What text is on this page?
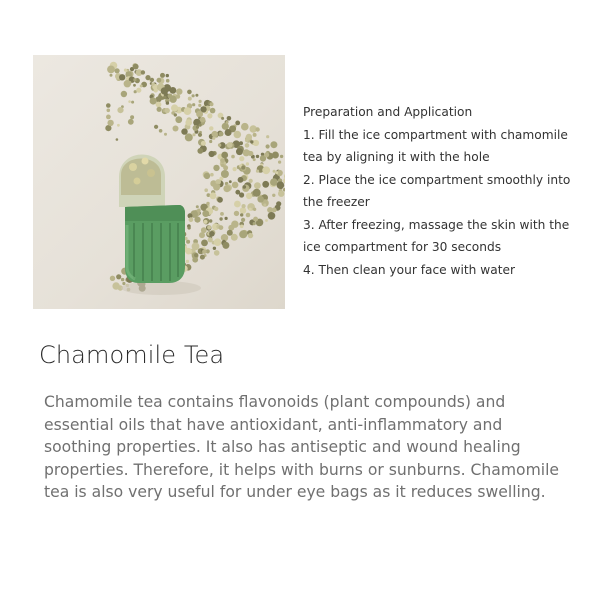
Preparation and Application
1. Fill the ice compartment with chamomile
tea by aligning it with the hole
2. Place the ice compartment smoothly into
the freezer
3. After freezing, massage the skin with the
ice compartment for 30 seconds
4. Then clean your face with water
Chamomile Tea

Chamomile tea contains flavonoids (plant compounds) and essential oils that have antioxidant, anti-inflammatory and soothing properties. It also has antiseptic and wound healing properties. Therefore, it helps with burns or sunburns. Chamomile tea is also very useful for under eye bags as it reduces swelling.
